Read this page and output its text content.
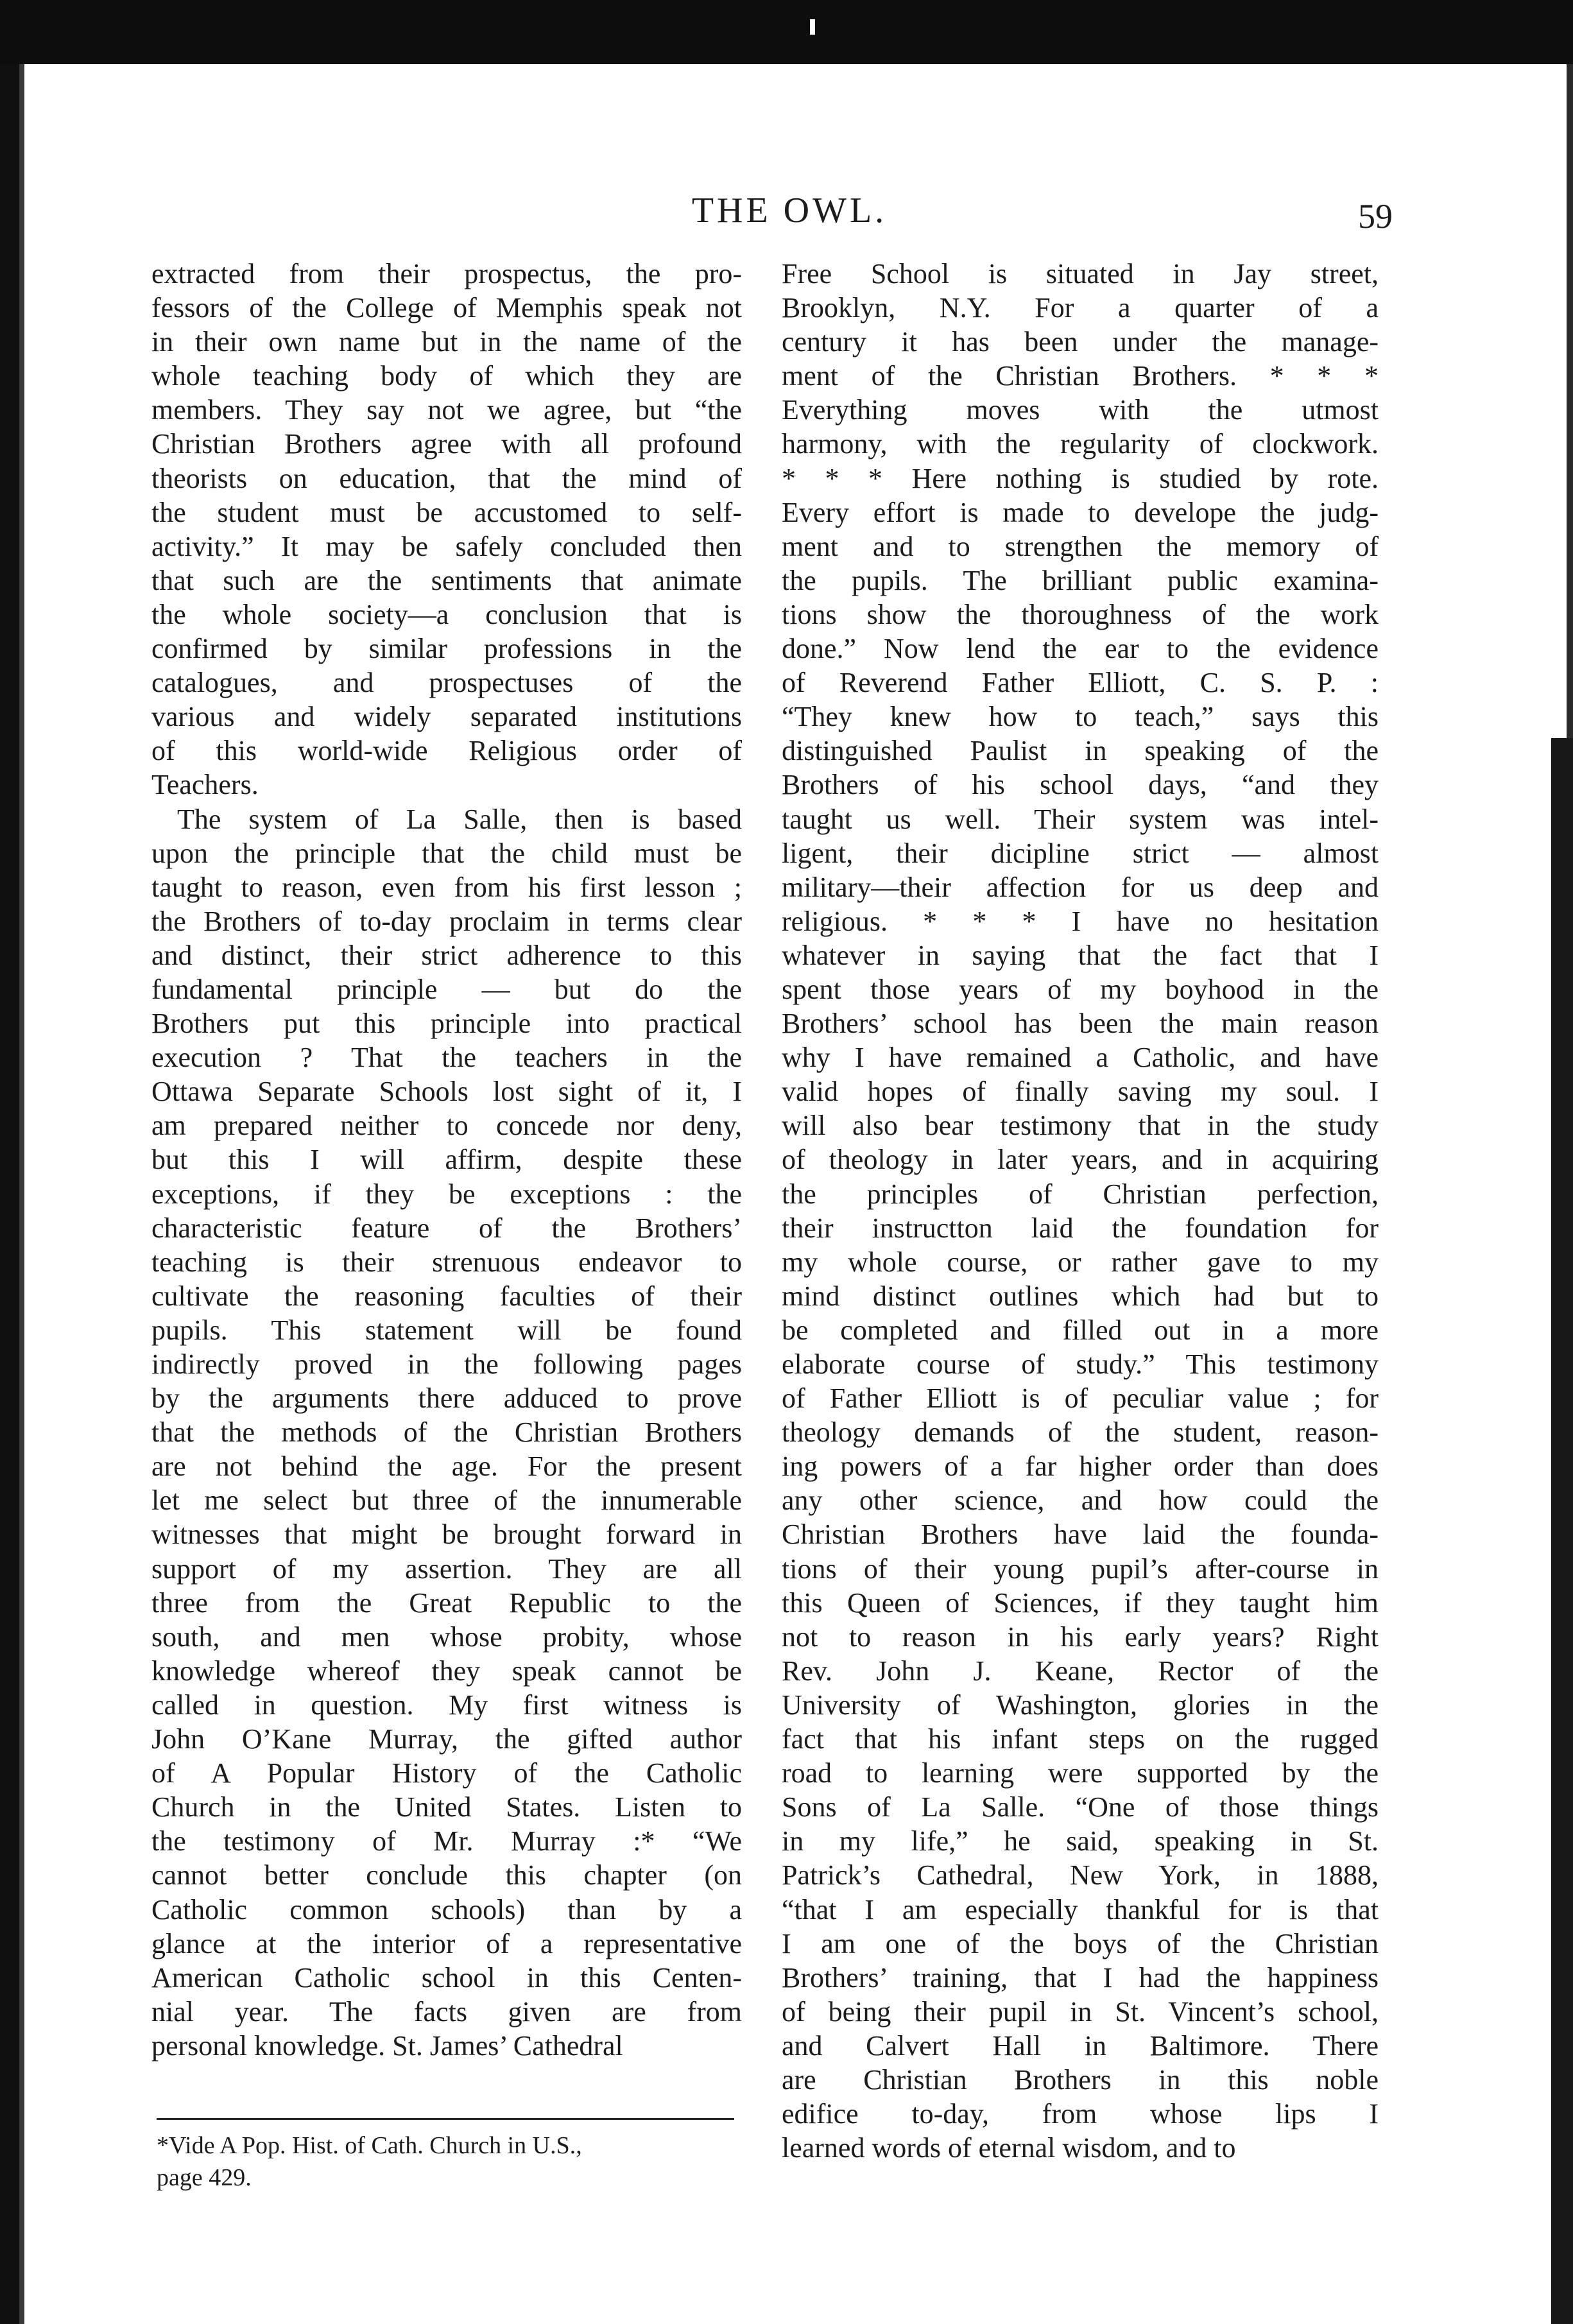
THE OWL.	59
extracted from their prospectus, the pro-
fessors of the College of Memphis speak not
in their own name but in the name of the
whole teaching body of which they are
members. They say not we agree, but “the
Christian Brothers agree with all profound
theorists on education, that the mind of
the student must be accustomed to self-
activity.” It may be safely concluded then
that such are the sentiments that animate
the whole society—a conclusion that is
confirmed by similar professions in the
catalogues, and prospectuses of the
various and widely separated institutions
of this world-wide Religious order of
Teachers.
The system of La Salle, then is based
upon the principle that the child must be
taught to reason, even from his first lesson ;
the Brothers of to-day proclaim in terms clear
and distinct, their strict adherence to this
fundamental principle — but do the
Brothers put this principle into practical
execution ? That the teachers in the
Ottawa Separate Schools lost sight of it, I
am prepared neither to concede nor deny,
but this I will affirm, despite these
exceptions, if they be exceptions : the
characteristic feature of the Brothers’
teaching is their strenuous endeavor to
cultivate the reasoning faculties of their
pupils. This statement will be found
indirectly proved in the following pages
by the arguments there adduced to prove
that the methods of the Christian Brothers
are not behind the age. For the present
let me select but three of the innumerable
witnesses that might be brought forward in
support of my assertion. They are all
three from the Great Republic to the
south, and men whose probity, whose
knowledge whereof they speak cannot be
called in question. My first witness is
John O’Kane Murray, the gifted author
of A Popular History of the Catholic
Church in the United States. Listen to
the testimony of Mr. Murray :* “We
cannot better conclude this chapter (on
Catholic common schools) than by a
glance at the interior of a representative
American Catholic school in this Centen-
nial year. The facts given are from
personal knowledge. St. James’ Cathedral
Free School is situated in Jay street,
Brooklyn, N.Y. For a quarter of a
century it has been under the manage-
ment of the Christian Brothers. * * *
Everything moves with the utmost
harmony, with the regularity of clockwork.
* * * Here nothing is studied by rote.
Every effort is made to develope the judg-
ment and to strengthen the memory of
the pupils. The brilliant public examina-
tions show the thoroughness of the work
done.” Now lend the ear to the evidence
of Reverend Father Elliott, C. S. P. :
“They knew how to teach,” says this
distinguished Paulist in speaking of the
Brothers of his school days, “and they
taught us well. Their system was intel-
ligent, their dicipline strict — almost
military—their affection for us deep and
religious. * * * I have no hesitation
whatever in saying that the fact that I
spent those years of my boyhood in the
Brothers’ school has been the main reason
why I have remained a Catholic, and have
valid hopes of finally saving my soul. I
will also bear testimony that in the study
of theology in later years, and in acquiring
the principles of Christian perfection,
their instructton laid the foundation for
my whole course, or rather gave to my
mind distinct outlines which had but to
be completed and filled out in a more
elaborate course of study.” This testimony
of Father Elliott is of peculiar value ; for
theology demands of the student, reason-
ing powers of a far higher order than does
any other science, and how could the
Christian Brothers have laid the founda-
tions of their young pupil’s after-course in
this Queen of Sciences, if they taught him
not to reason in his early years? Right
Rev. John J. Keane, Rector of the
University of Washington, glories in the
fact that his infant steps on the rugged
road to learning were supported by the
Sons of La Salle. “One of those things
in my life,” he said, speaking in St.
Patrick’s Cathedral, New York, in 1888,
“that I am especially thankful for is that
I am one of the boys of the Christian
Brothers’ training, that I had the happiness
of being their pupil in St. Vincent’s school,
and Calvert Hall in Baltimore. There
are Christian Brothers in this noble
edifice to-day, from whose lips I
learned words of eternal wisdom, and to
*Vide A Pop. Hist. of Cath. Church in U.S.,
page 429.
